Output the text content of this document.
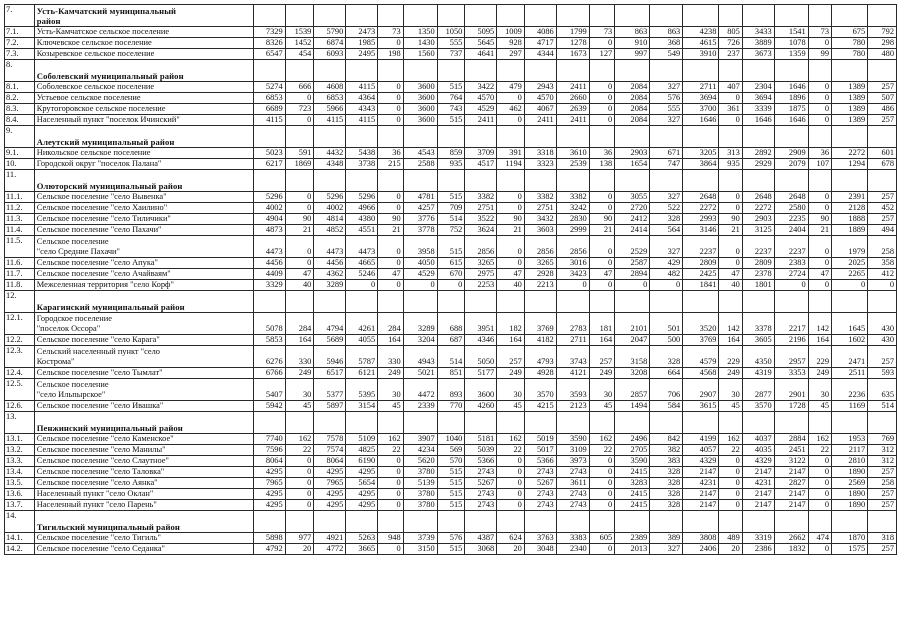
7.	Усть-Камчатский муниципальный
район																					
7.1.	Усть-Камчатское сельское поселение	7329	1539	5790	2473	73	1350	1050	5095	1009	4086	1799	73	863	863	4238	805	3433	1541	73	675	792
7.2.	Ключевское сельское поселение	8326	1452	6874	1985	0	1430	555	5645	928	4717	1278	0	910	368	4615	726	3889	1078	0	780	298
7.3.	Козыревское сельское поселение	6547	454	6093	2495	198	1560	737	4641	297	4344	1673	127	997	549	3910	237	3673	1359	99	780	480
8.	Соболевский муниципальный район																					
8.1.	Соболевское сельское поселение	5274	666	4608	4115	0	3600	515	3422	479	2943	2411	0	2084	327	2711	407	2304	1646	0	1389	257
8.2.	Устьевое сельское поселение	6853	0	6853	4364	0	3600	764	4570	0	4570	2660	0	2084	576	3694	0	3694	1896	0	1389	507
8.3.	Крутогоровское сельское поселение	6689	723	5966	4343	0	3600	743	4529	462	4067	2639	0	2084	555	3700	361	3339	1875	0	1389	486
8.4.	Населенный пункт "поселок Ичинский"	4115	0	4115	4115	0	3600	515	2411	0	2411	2411	0	2084	327	1646	0	1646	1646	0	1389	257
9.	Алеутский муниципальный район																					
9.1.	Никольское сельское поселение	5023	591	4432	5438	36	4543	859	3709	391	3318	3610	36	2903	671	3205	313	2892	2909	36	2272	601
10.	Городской округ "поселок Палана"	6217	1869	4348	3738	215	2588	935	4517	1194	3323	2539	138	1654	747	3864	935	2929	2079	107	1294	678
11.	Олюторский муниципальный район																					
11.1.	Сельское поселение "село Вывенка"	5296	0	5296	5296	0	4781	515	3382	0	3382	3382	0	3055	327	2648	0	2648	2648	0	2391	257
11.2.	Сельское поселение "село Хаилино"	4002	0	4002	4966	0	4257	709	2751	0	2751	3242	0	2720	522	2272	0	2272	2580	0	2128	452
11.3.	Сельское поселение "село Тиличики"	4904	90	4814	4380	90	3776	514	3522	90	3432	2830	90	2412	328	2993	90	2903	2235	90	1888	257
11.4.	Сельское поселение "село Пахачи"	4873	21	4852	4551	21	3778	752	3624	21	3603	2999	21	2414	564	3146	21	3125	2404	21	1889	494
11.5.	Сельское поселение
"село Средние Пахачи"	4473	0	4473	4473	0	3958	515	2856	0	2856	2856	0	2529	327	2237	0	2237	2237	0	1979	258
11.6.	Сельское поселение "село Апука"	4456	0	4456	4665	0	4050	615	3265	0	3265	3016	0	2587	429	2809	0	2809	2383	0	2025	358
11.7.	Сельское поселение "село Ачайваям"	4409	47	4362	5246	47	4529	670	2975	47	2928	3423	47	2894	482	2425	47	2378	2724	47	2265	412
11.8.	Межселенная территория "село Корф"	3329	40	3289	0	0	0	0	2253	40	2213	0	0	0	0	1841	40	1801	0	0	0	0
12.	Карагинский муниципальный район																					
12.1.	Городское поселение
"поселок Оссора"	5078	284	4794	4261	284	3289	688	3951	182	3769	2783	181	2101	501	3520	142	3378	2217	142	1645	430
12.2.	Сельское поселение "село Карага"	5853	164	5689	4055	164	3204	687	4346	164	4182	2711	164	2047	500	3769	164	3605	2196	164	1602	430
12.3.	Сельский населенный пункт "село
Кострома"	6276	330	5946	5787	330	4943	514	5050	257	4793	3743	257	3158	328	4579	229	4350	2957	229	2471	257
12.4.	Сельское поселение "село Тымлат"	6766	249	6517	6121	249	5021	851	5177	249	4928	4121	249	3208	664	4568	249	4319	3353	249	2511	593
12.5.	Сельское поселение
"село Ильпырское"	5407	30	5377	5395	30	4472	893	3600	30	3570	3593	30	2857	706	2907	30	2877	2901	30	2236	635
12.6.	Сельское поселение "село Ивашка"	5942	45	5897	3154	45	2339	770	4260	45	4215	2123	45	1494	584	3615	45	3570	1728	45	1169	514
13.	Пенжинский муниципальный район																					
13.1.	Сельское поселение "село Каменское"	7740	162	7578	5109	162	3907	1040	5181	162	5019	3590	162	2496	842	4199	162	4037	2884	162	1953	769
13.2.	Сельское поселение "село Манилы"	7596	22	7574	4825	22	4234	569	5039	22	5017	3109	22	2705	382	4057	22	4035	2451	22	2117	312
13.3.	Сельское поселение "село Слаутное"	8064	0	8064	6190	0	5620	570	5366	0	5366	3973	0	3590	383	4329	0	4329	3122	0	2810	312
13.4.	Сельское поселение "село Таловка"	4295	0	4295	4295	0	3780	515	2743	0	2743	2743	0	2415	328	2147	0	2147	2147	0	1890	257
13.5.	Сельское поселение "село Аянка"	7965	0	7965	5654	0	5139	515	5267	0	5267	3611	0	3283	328	4231	0	4231	2827	0	2569	258
13.6.	Населенный пункт "село Оклан"	4295	0	4295	4295	0	3780	515	2743	0	2743	2743	0	2415	328	2147	0	2147	2147	0	1890	257
13.7.	Населенный пункт "село Парень"	4295	0	4295	4295	0	3780	515	2743	0	2743	2743	0	2415	328	2147	0	2147	2147	0	1890	257
14.	Тигильский муниципальный район																					
14.1.	Сельское поселение "село Тигиль"	5898	977	4921	5263	948	3739	576	4387	624	3763	3383	605	2389	389	3808	489	3319	2662	474	1870	318
14.2.	Сельское поселение "село Седанка"	4792	20	4772	3665	0	3150	515	3068	20	3048	2340	0	2013	327	2406	20	2386	1832	0	1575	257
